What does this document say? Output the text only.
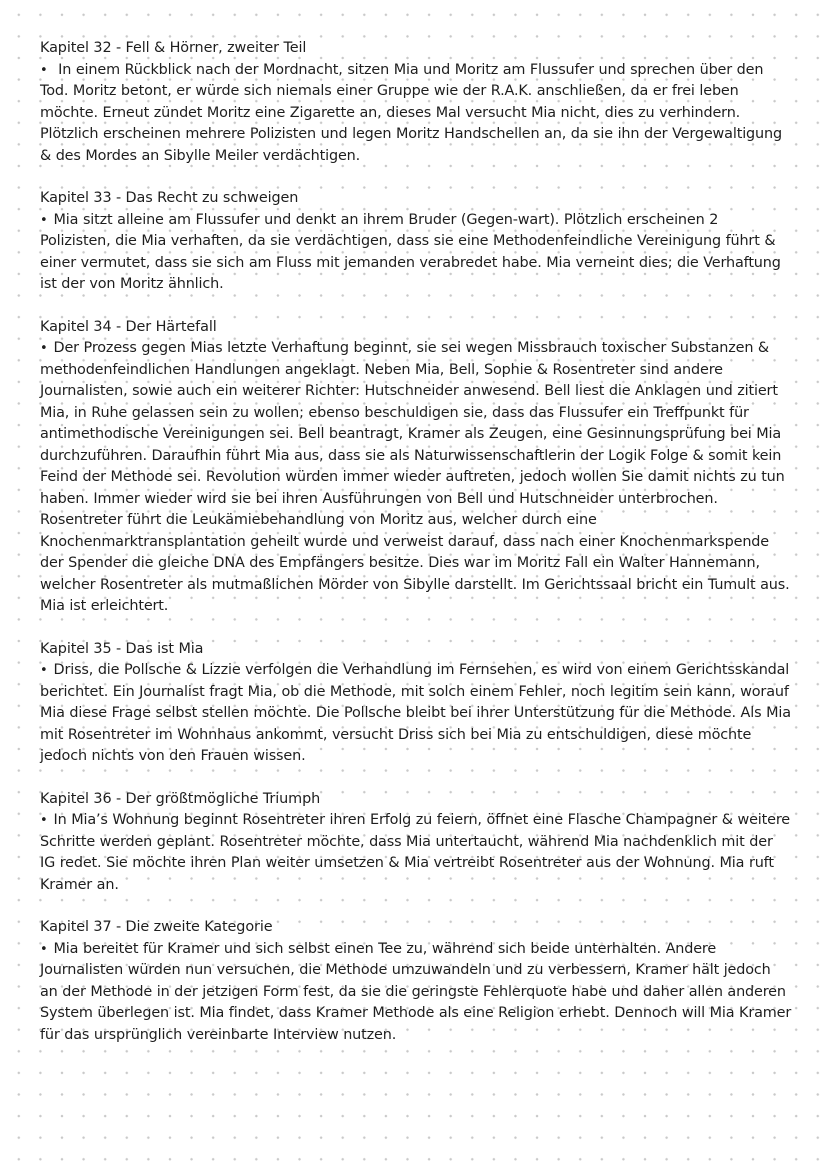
Kapitel 32 - Fell & Hörner, zweiter Teil
• In einem Rückblick nach der Mordnacht, sitzen Mia und Moritz am Flussufer und sprechen über den Tod. Moritz betont, er würde sich niemals einer Gruppe wie der R.A.K. anschließen, da er frei leben möchte. Erneut zündet Moritz eine Zigarette an, dieses Mal versucht Mia nicht, dies zu verhindern. Plötzlich erscheinen mehrere Polizisten und legen Moritz Handschellen an, da sie ihn der Vergewaltigung & des Mordes an Sibylle Meiler verdächtigen.
Kapitel 33 - Das Recht zu schweigen
• Mia sitzt alleine am Flussufer und denkt an ihrem Bruder (Gegen-wart). Plötzlich erscheinen 2 Polizisten, die Mia verhaften, da sie verdächtigen, dass sie eine Methodenfeindliche Vereinigung führt & einer vermutet, dass sie sich am Fluss mit jemanden verabredet habe. Mia verneint dies; die Verhaftung ist der von Moritz ähnlich.
Kapitel 34 - Der Härtefall
• Der Prozess gegen Mias letzte Verhaftung beginnt, sie sei wegen Missbrauch toxischer Substanzen & methodenfeindlichen Handlungen angeklagt. Neben Mia, Bell, Sophie & Rosentreter sind andere Journalisten, sowie auch ein weiterer Richter: Hutschneider anwesend. Bell liest die Anklagen und zitiert Mia, in Ruhe gelassen sein zu wollen; ebenso beschuldigen sie, dass das Flussufer ein Treffpunkt für antimethodische Vereinigungen sei. Bell beantragt, Kramer als Zeugen, eine Gesinnungsprüfung bei Mia durchzuführen. Daraufhin führt Mia aus, dass sie als Naturwissenschaftlerin der Logik Folge & somit kein Feind der Methode sei. Revolution würden immer wieder auftreten, jedoch wollen Sie damit nichts zu tun haben. Immer wieder wird sie bei ihren Ausführungen von Bell und Hutschneider unterbrochen. Rosentreter führt die Leukämiebehandlung von Moritz aus, welcher durch eine Knochenmarktransplantation geheilt wurde und verweist darauf, dass nach einer Knochenmarkspende der Spender die gleiche DNA des Empfängers besitze. Dies war im Moritz Fall ein Walter Hannemann, welcher Rosentreter als mutmaßlichen Mörder von Sibylle darstellt. Im Gerichtssaal bricht ein Tumult aus. Mia ist erleichtert.
Kapitel 35 - Das ist Mia
• Driss, die Pollsche & Lizzie verfolgen die Verhandlung im Fernsehen, es wird von einem Gerichtsskandal berichtet. Ein Journalist fragt Mia, ob die Methode, mit solch einem Fehler, noch legitim sein kann, worauf Mia diese Frage selbst stellen möchte. Die Pollsche bleibt bei ihrer Unterstützung für die Methode. Als Mia mit Rosentreter im Wohnhaus ankommt, versucht Driss sich bei Mia zu entschuldigen, diese möchte jedoch nichts von den Frauen wissen.
Kapitel 36 - Der größtmögliche Triumph
• In Mia’s Wohnung beginnt Rosentreter ihren Erfolg zu feiern, öffnet eine Flasche Champagner & weitere Schritte werden geplant. Rosentreter möchte, dass Mia untertaucht, während Mia nachdenklich mit der IG redet. Sie möchte ihren Plan weiter umsetzen & Mia vertreibt Rosentreter aus der Wohnung. Mia ruft Kramer an.
Kapitel 37 - Die zweite Kategorie
• Mia bereitet für Kramer und sich selbst einen Tee zu, während sich beide unterhalten. Andere Journalisten würden nun versuchen, die Methode umzuwandeln und zu verbessern, Kramer hält jedoch an der Methode in der jetzigen Form fest, da sie die geringste Fehlerquote habe und daher allen anderen System überlegen ist. Mia findet, dass Kramer Methode als eine Religion erhebt. Dennoch will Mia Kramer für das ursprünglich vereinbarte Interview nutzen.
